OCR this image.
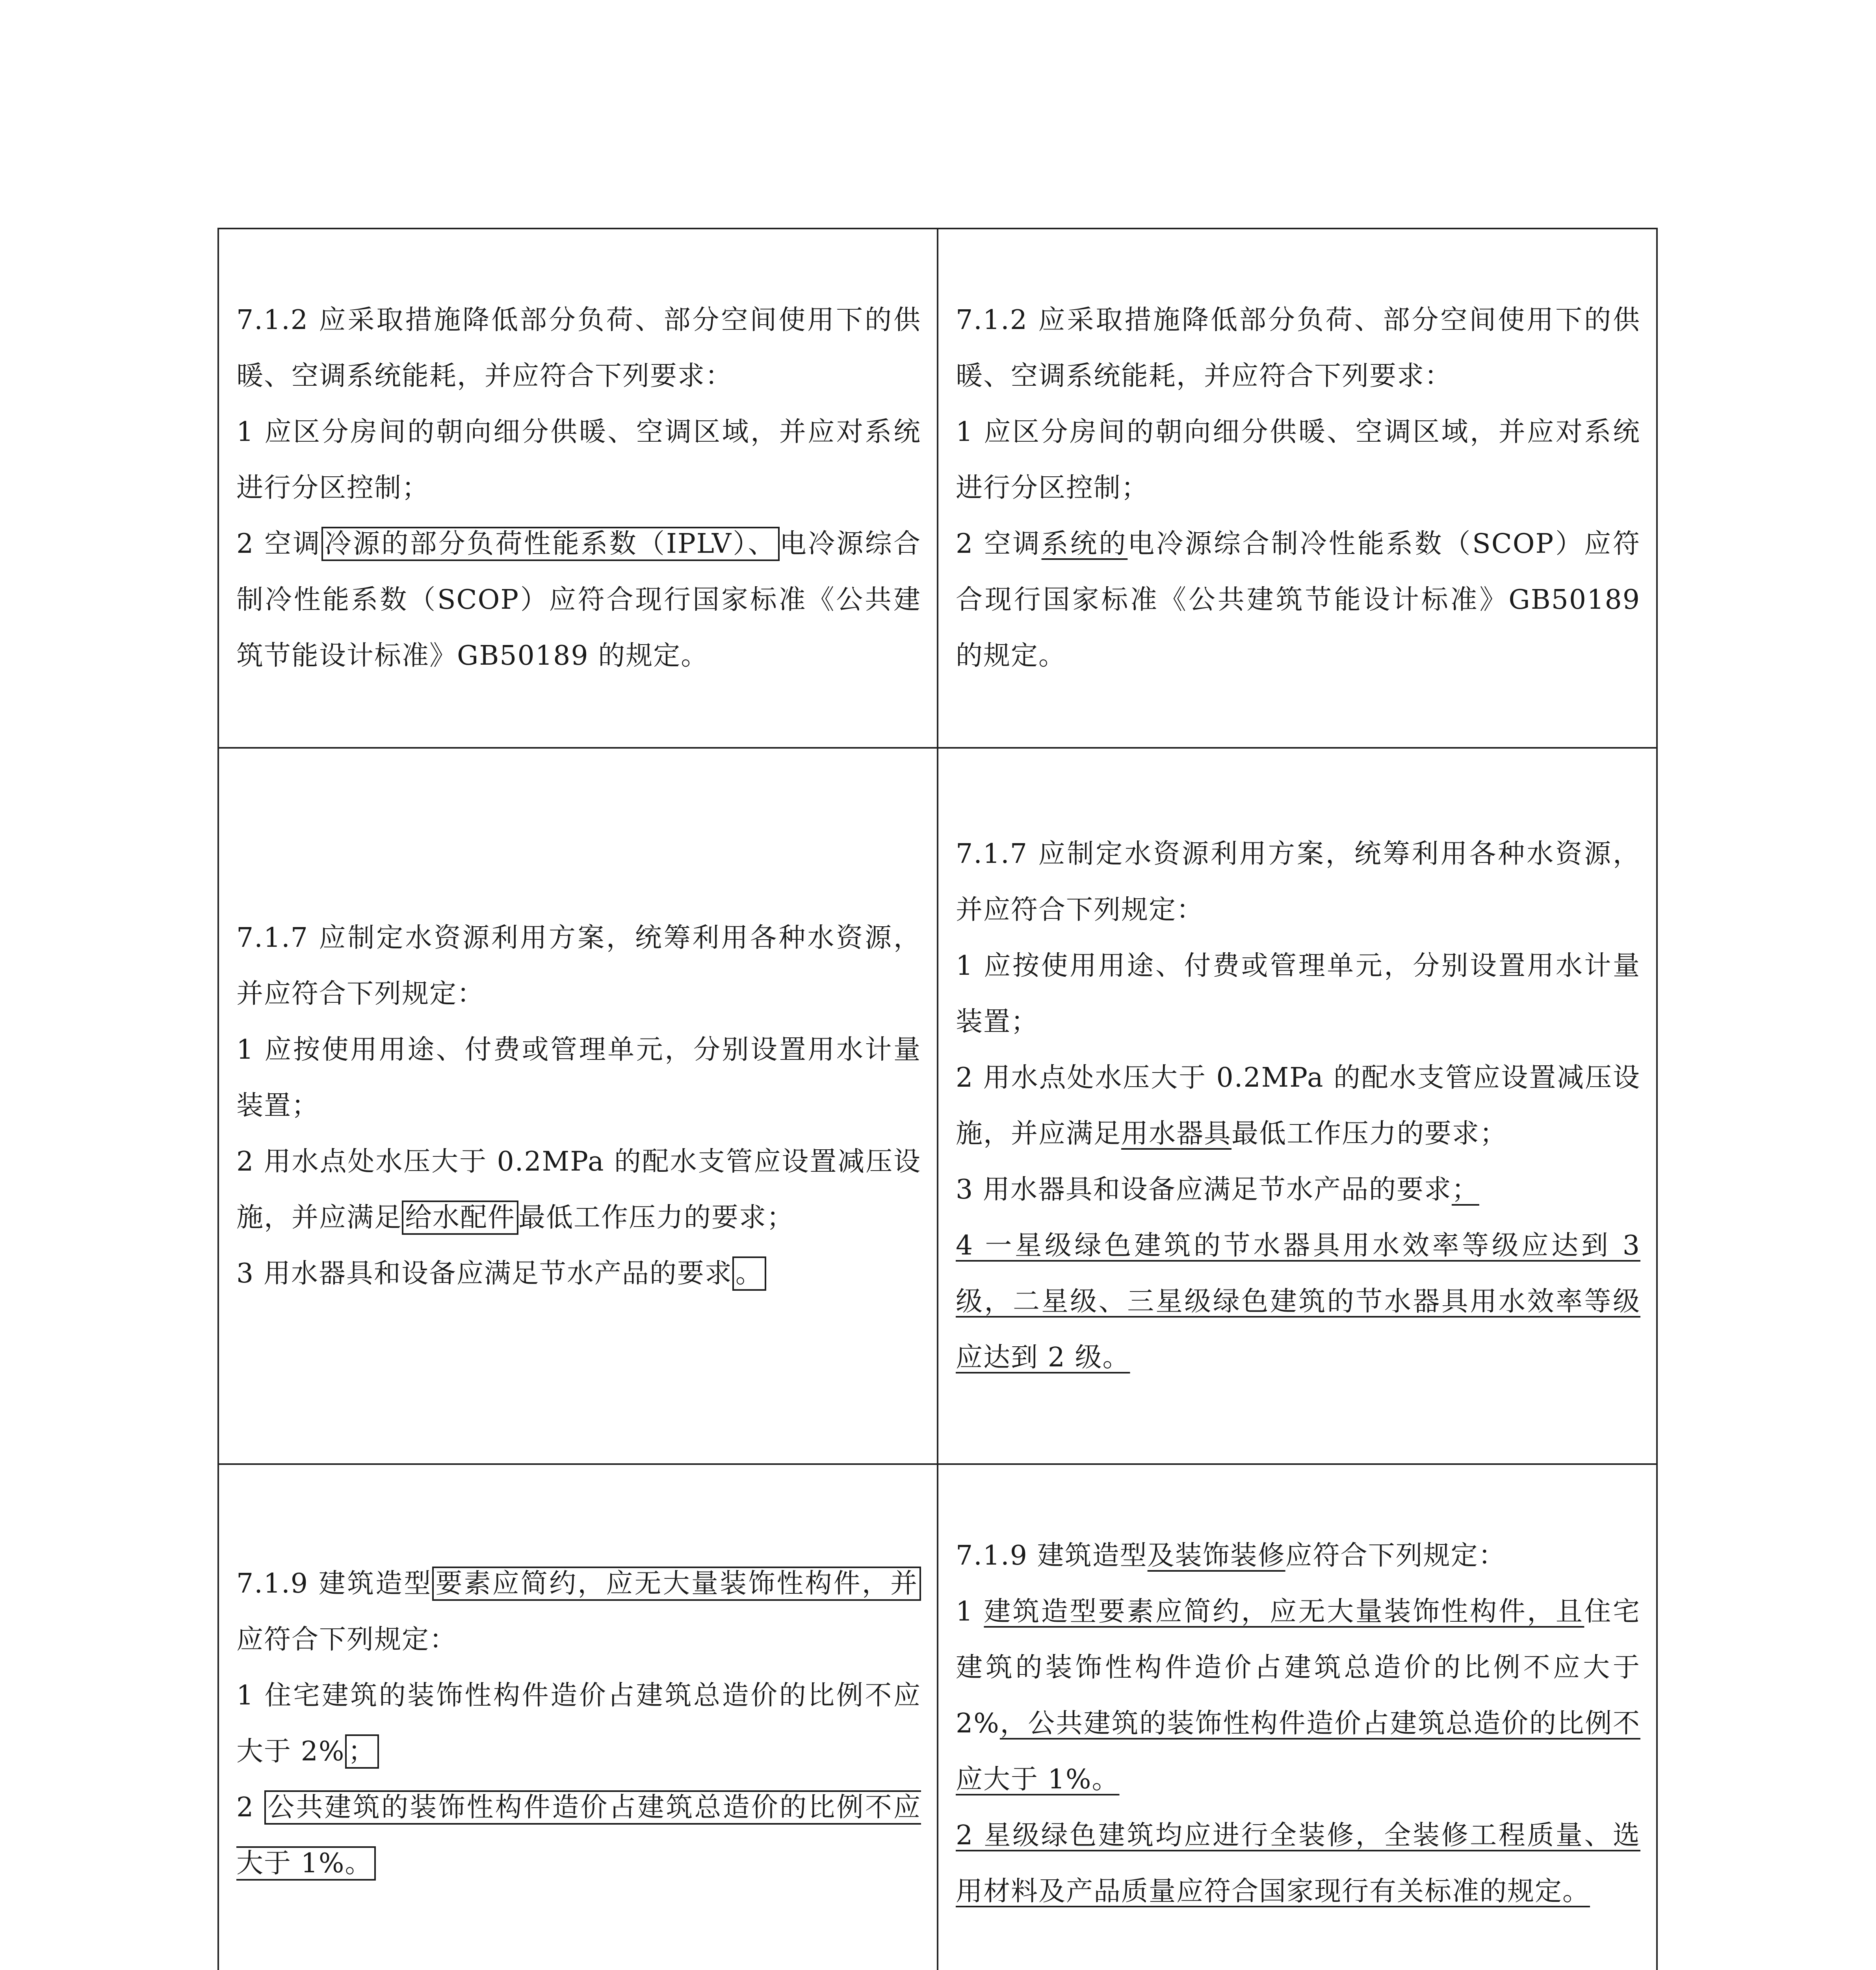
7.1.2 应采取措施降低部分负荷、部分空间使用下的供暖、空调系统能耗，并应符合下列要求：
1 应区分房间的朝向细分供暖、空调区域，并应对系统进行分区控制；
2 空调 冷源的部分负荷性能系数（IPLV）、 电冷源综合制冷性能系数（SCOP）应符合现行国家标准《公共建筑节能设计标准》GB50189 的规定。	7.1.2 应采取措施降低部分负荷、部分空间使用下的供暖、空调系统能耗，并应符合下列要求：
1 应区分房间的朝向细分供暖、空调区域，并应对系统进行分区控制；
2 空调系统的电冷源综合制冷性能系数（SCOP）应符合现行国家标准《公共建筑节能设计标准》GB50189 的规定。

7.1.7 应制定水资源利用方案，统筹利用各种水资源，并应符合下列规定：
1 应按使用用途、付费或管理单元，分别设置用水计量装置；
2 用水点处水压大于 0.2MPa 的配水支管应设置减压设施，并应满足 给水配件 最低工作压力的要求；
3 用水器具和设备应满足节水产品的要求 。	7.1.7 应制定水资源利用方案，统筹利用各种水资源，并应符合下列规定：
1 应按使用用途、付费或管理单元，分别设置用水计量装置；
2 用水点处水压大于 0.2MPa 的配水支管应设置减压设施，并应满足用水器具最低工作压力的要求；
3 用水器具和设备应满足节水产品的要求；
4 一星级绿色建筑的节水器具用水效率等级应达到 3 级，二星级、三星级绿色建筑的节水器具用水效率等级应达到 2 级。

7.1.9 建筑造型 要素应简约，应无大量装饰性构件，并应符合下列规定：
1 住宅建筑的装饰性构件造价占建筑总造价的比例不应大于 2% ；
2 公共建筑的装饰性构件造价占建筑总造价的比例不应大于 1%。	7.1.9 建筑造型及装饰装修应符合下列规定：
1 建筑造型要素应简约，应无大量装饰性构件，且住宅建筑的装饰性构件造价占建筑总造价的比例不应大于 2%，公共建筑的装饰性构件造价占建筑总造价的比例不应大于 1%。
2 星级绿色建筑均应进行全装修，全装修工程质量、选用材料及产品质量应符合国家现行有关标准的规定。
